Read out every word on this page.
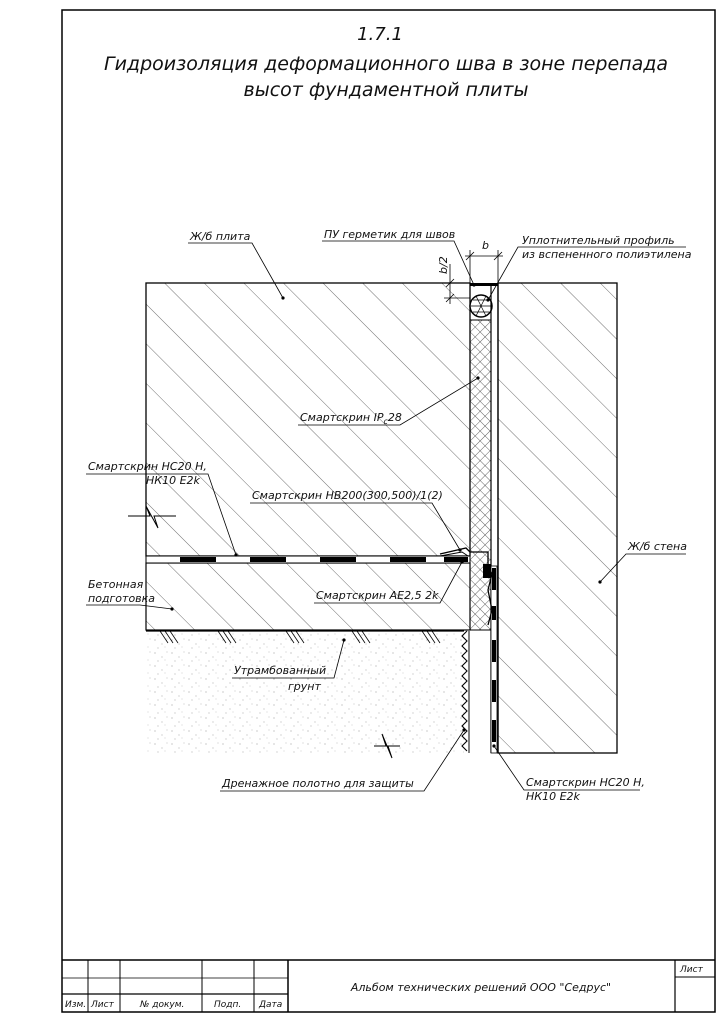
1.7.1
Гидроизоляция деформационного шва в зоне перепада
высот фундаментной плиты
b
b/2
Ж/б плита	ПУ герметик для швов	Уплотнительный профиль
из вспененного полиэтилена
Смартскрин $IP_c28$
Смартскрин НС20 Н,
НК10 Е2k
Смартскрин НВ200(300,500)/1(2)
Ж/б стена
Бетонная
подготовка	Смартскрин АЕ2,5 2k
Утрамбованный
грунт
Дренажное полотно для защиты	Смартскрин НС20 Н,
НК10 Е2k
Изм. Лист	№ докум.	Подп. Дата
Альбом технических решений ООО "Седрус"
Лист
